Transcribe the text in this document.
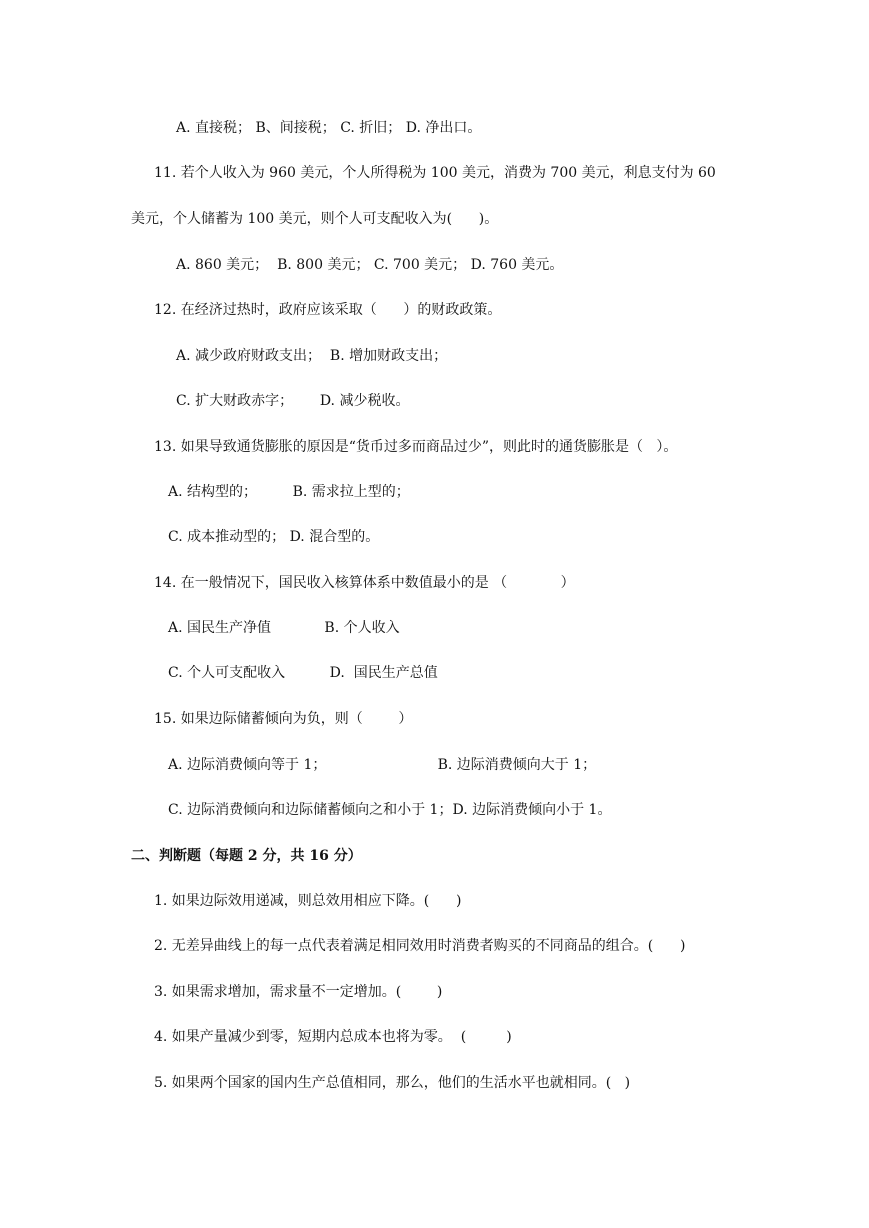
A. 直接税； B、间接税； C. 折旧； D. 净出口。
11. 若个人收入为 960 美元，个人所得税为 100 美元，消费为 700 美元，利息支付为 60
美元，个人储蓄为 100 美元，则个人可支配收入为(      )。
A. 860 美元；  B. 800 美元； C. 700 美元； D. 760 美元。
12. 在经济过热时，政府应该采取（      ）的财政政策。
A. 减少政府财政支出；  B. 增加财政支出；
C. 扩大财政赤字；      D. 减少税收。
13. 如果导致通货膨胀的原因是“货币过多而商品过少”，则此时的通货膨胀是（   ）。
A. 结构型的；        B. 需求拉上型的；
C. 成本推动型的； D. 混合型的。
14. 在一般情况下，国民收入核算体系中数值最小的是 （            ）
A. 国民生产净值            B. 个人收入
C. 个人可支配收入          D.  国民生产总值
15. 如果边际储蓄倾向为负，则（        ）
A. 边际消费倾向等于 1；                         B. 边际消费倾向大于 1；
C. 边际消费倾向和边际储蓄倾向之和小于 1；D. 边际消费倾向小于 1。
二、判断题（每题 2 分，共 16 分）
1. 如果边际效用递减，则总效用相应下降。(      )
2. 无差异曲线上的每一点代表着满足相同效用时消费者购买的不同商品的组合。(      )
3. 如果需求增加，需求量不一定增加。(        )
4. 如果产量减少到零，短期内总成本也将为零。  (         )
5. 如果两个国家的国内生产总值相同，那么，他们的生活水平也就相同。(   )
